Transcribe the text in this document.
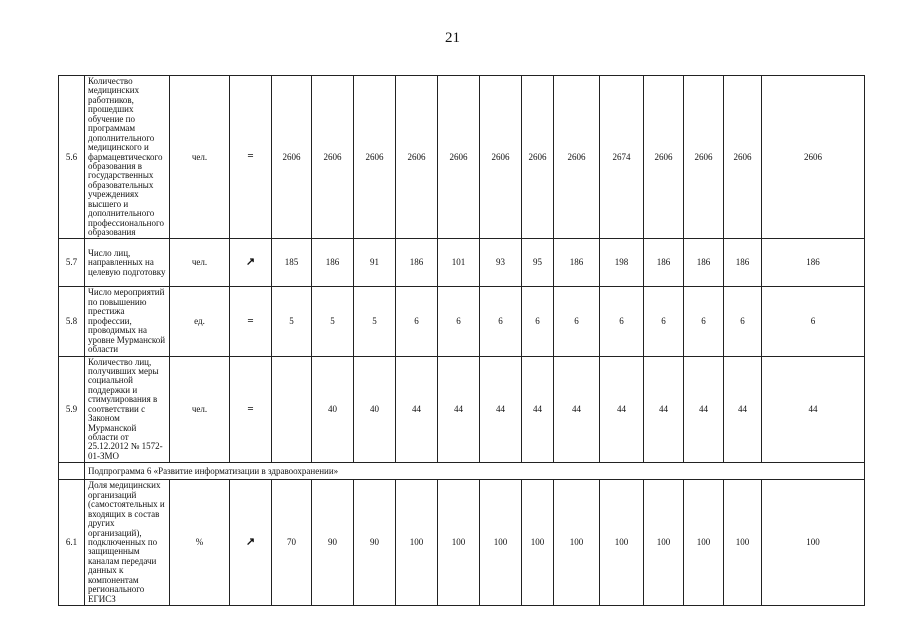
21
5.6	Количество медицинских работников, прошедших обучение по программам дополнительного медицинского и фармацевтического образования в государственных образовательных учреждениях высшего и дополнительного профессионального образования	чел.	=	2606	2606	2606	2606	2606	2606	2606	2606	2674	2606	2606	2606	2606	
5.7	Число лиц, направленных на целевую подготовку	чел.	↗	185	186	91	186	101	93	95	186	198	186	186	186	186	
5.8	Число мероприятий по повышению престижа профессии, проводимых на уровне Мурманской области	ед.	=	5	5	5	6	6	6	6	6	6	6	6	6	6	
5.9	Количество лиц, получивших меры социальной поддержки и стимулирования в соответствии с Законом Мурманской области от 25.12.2012 № 1572-01-ЗМО	чел.	=		40	40	44	44	44	44	44	44	44	44	44	44	
	Подпрограмма 6 «Развитие информатизации в здравоохранении»																
6.1	Доля медицинских организаций (самостоятельных и входящих в состав других организаций), подключенных по защищенным каналам передачи данных к компонентам регионального ЕГИСЗ	%	↗	70	90	90	100	100	100	100	100	100	100	100	100	100	
